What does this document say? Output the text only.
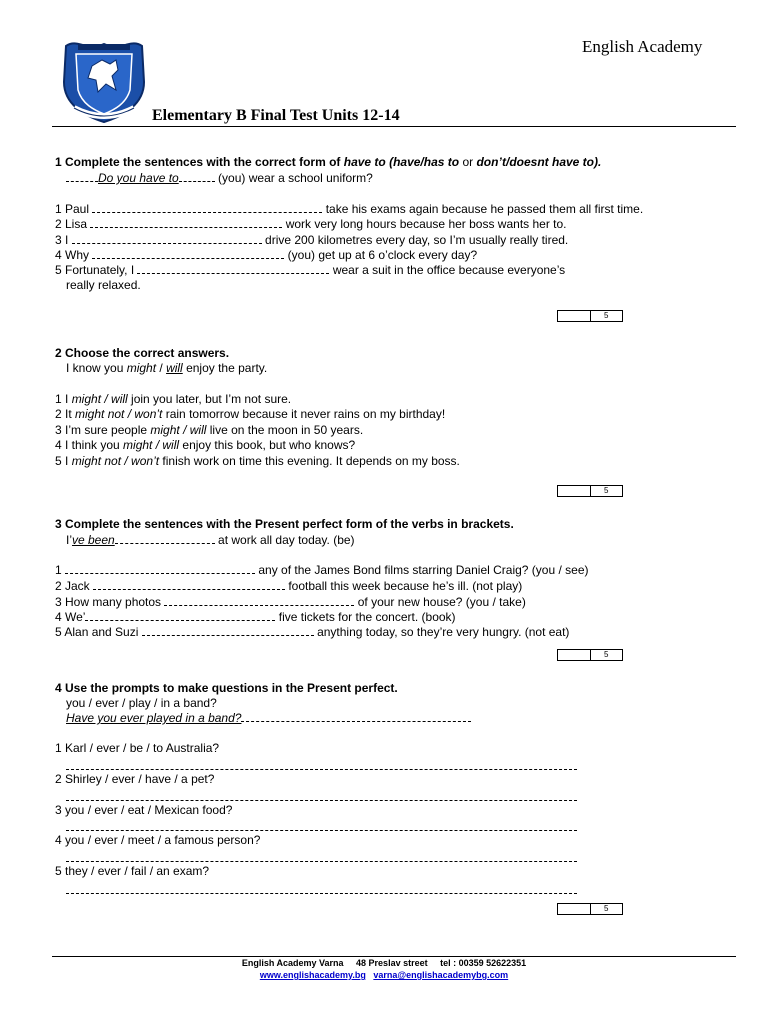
English Academy
Elementary B Final Test Units 12-14
1 Complete the sentences with the correct form of have to (have/has to or don’t/doesnt have to).
Do you have to	(you) wear a school uniform?
1 Paul	take his exams again because he passed them all first time.
2 Lisa	work very long hours because her boss wants her to.
3 I	drive 200 kilometres every day, so I’m usually really tired.
4 Why	(you) get up at 6 o’clock every day?
5 Fortunately, I	wear a suit in the office because everyone’s
really relaxed.
5
2 Choose the correct answers.
I know you might / will enjoy the party.
1 I might / will join you later, but I’m not sure.
2 It might not / won’t rain tomorrow because it never rains on my birthday!
3 I’m sure people might / will live on the moon in 50 years.
4 I think you might / will enjoy this book, but who knows?
5 I might not / won’t finish work on time this evening. It depends on my boss.
5
3 Complete the sentences with the Present perfect form of the verbs in brackets.
I’ve been	at work all day today. (be)
1	any of the James Bond films starring Daniel Craig? (you / see)
2 Jack	football this week because he’s ill. (not play)
3 How many photos	of your new house? (you / take)
4 We’	five tickets for the concert. (book)
5 Alan and Suzi	anything today, so they’re very hungry. (not eat)
5
4 Use the prompts to make questions in the Present perfect.
you / ever / play / in a band?
Have you ever played in a band?
1 Karl / ever / be / to Australia?
2 Shirley / ever / have / a pet?
3 you / ever / eat / Mexican food?
4 you / ever / meet / a famous person?
5 they / ever / fail / an exam?
5
English Academy Varna     48 Preslav street     tel : 00359 52622351
www.englishacademy.bg varna@englishacademybg.com
